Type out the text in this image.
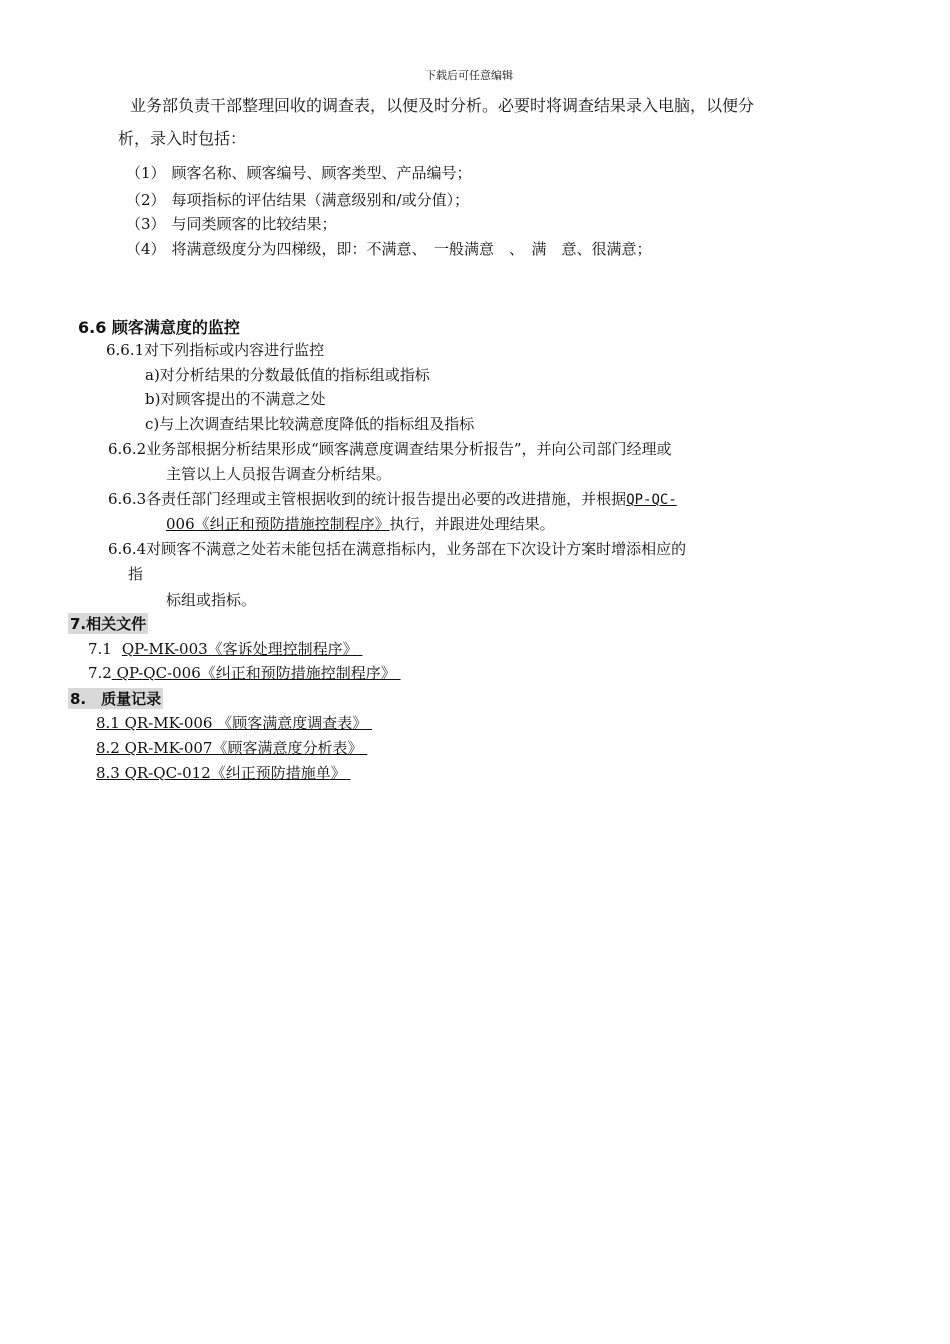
下载后可任意编辑
业务部负责干部整理回收的调查表，以便及时分析。必要时将调查结果录入电脑，以便分
析，录入时包括：
（1） 顾客名称、顾客编号、顾客类型、产品编号；
（2） 每项指标的评估结果（满意级别和/或分值）；
（3） 与同类顾客的比较结果；
（4） 将满意级度分为四梯级，即：不满意、　一般满意　、　满　意、很满意；
6.6 顾客满意度的监控
6.6.1对下列指标或内容进行监控
a)对分析结果的分数最低值的指标组或指标
b)对顾客提出的不满意之处
c)与上次调查结果比较满意度降低的指标组及指标
6.6.2业务部根据分析结果形成“顾客满意度调查结果分析报告”，并向公司部门经理或
主管以上人员报告调查分析结果。
6.6.3各责任部门经理或主管根据收到的统计报告提出必要的改进措施，并根据QP-QC-
006《纠正和预防措施控制程序》执行，并跟进处理结果。
6.6.4对顾客不满意之处若未能包括在满意指标内，业务部在下次设计方案时增添相应的
指
标组或指标。
7.相关文件
7.1 QP-MK-003《客诉处理控制程序》
7.2 QP-QC-006《纠正和预防措施控制程序》
8.　质量记录
8.1 QR-MK-006 《顾客满意度调查表》
8.2 QR-MK-007《顾客满意度分析表》
8.3 QR-QC-012《纠正预防措施单》
